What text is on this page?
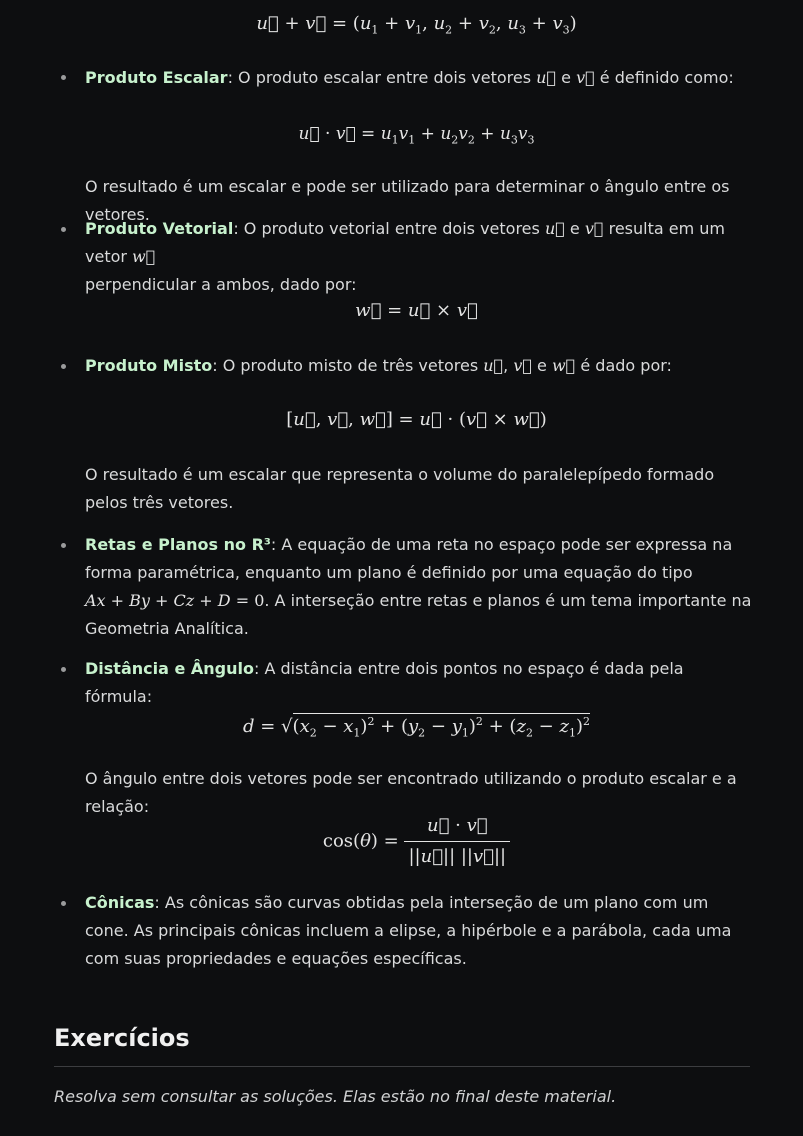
u⃗ + v⃗ = ($u_1 + v_1$, $u_2 + v_2$, $u_3 + v_3$)
Produto Escalar: O produto escalar entre dois vetores u⃗ e v⃗ é definido como:
u⃗ · v⃗ = $u_1v_1 + u_2v_2 + u_3v_3$
O resultado é um escalar e pode ser utilizado para determinar o ângulo entre os vetores.
Produto Vetorial: O produto vetorial entre dois vetores u⃗ e v⃗ resulta em um vetor w⃗
perpendicular a ambos, dado por:
w⃗ = u⃗ × v⃗
Produto Misto: O produto misto de três vetores u⃗, v⃗ e w⃗ é dado por:
[u⃗, v⃗, w⃗] = u⃗ · (v⃗ × w⃗)
O resultado é um escalar que representa o volume do paralelepípedo formado pelos três vetores.
Retas e Planos no R³: A equação de uma reta no espaço pode ser expressa na forma paramétrica, enquanto um plano é definido por uma equação do tipo
Ax + By + Cz + D = 0. A interseção entre retas e planos é um tema importante na Geometria Analítica.
Distância e Ângulo: A distância entre dois pontos no espaço é dada pela fórmula:
$d = √(x_2 - x_1)^2 + (y_2 - y_1)^2 + (z_2 - z_1)^2$
O ângulo entre dois vetores pode ser encontrado utilizando o produto escalar e a relação:
$\cos(\theta) = \frac{u⃗ \cdot v⃗}{||u⃗|| ||v⃗||}$
Cônicas: As cônicas são curvas obtidas pela interseção de um plano com um cone. As principais cônicas incluem a elipse, a hipérbole e a parábola, cada uma com suas propriedades e equações específicas.
Exercícios
Resolva sem consultar as soluções. Elas estão no final deste material.
